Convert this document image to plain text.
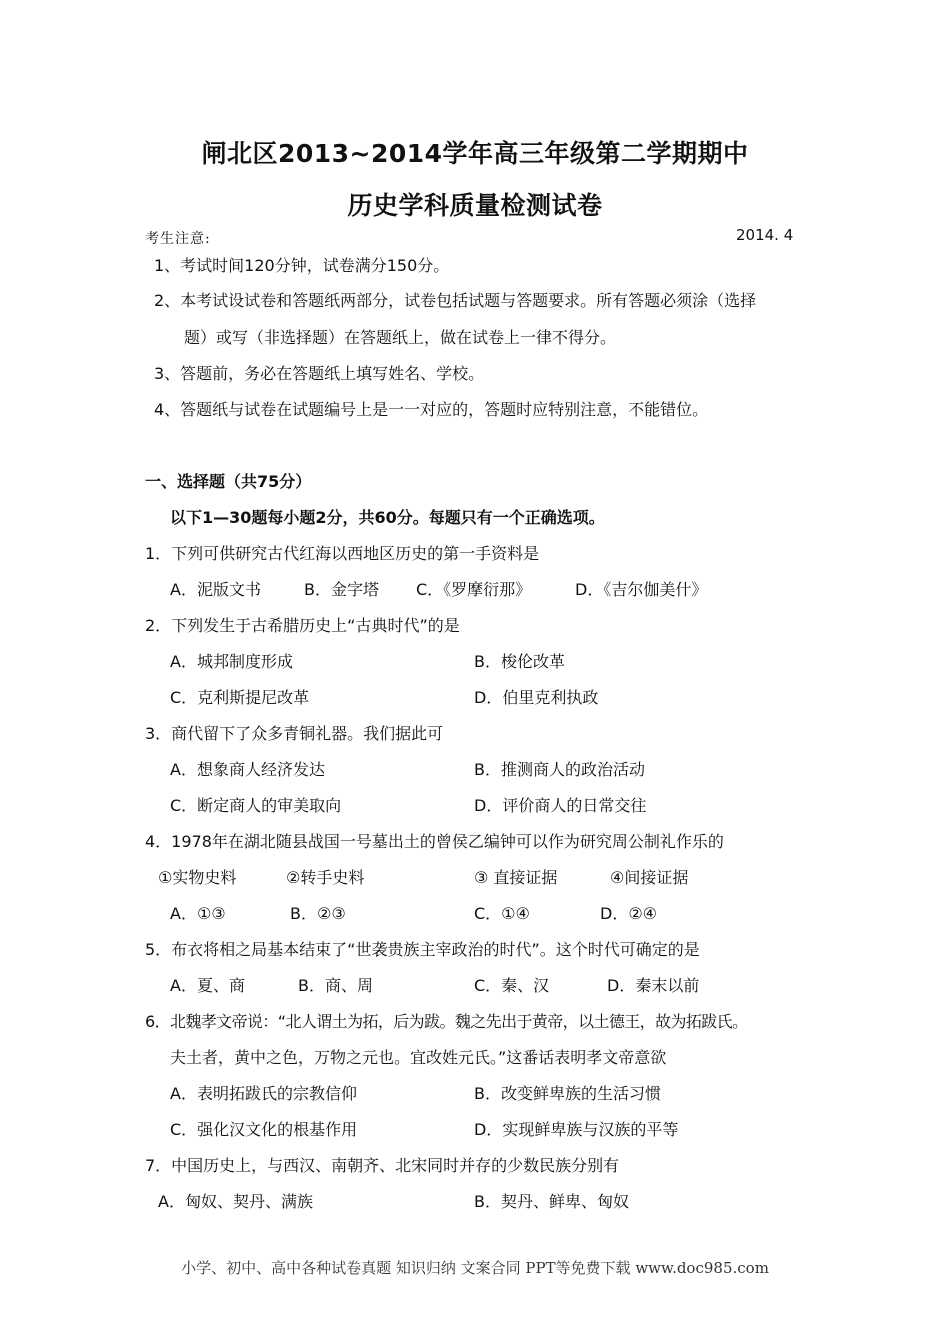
闸北区2013~2014学年高三年级第二学期期中
历史学科质量检测试卷
考生注意:	2014. 4
1、考试时间120分钟，试卷满分150分。
2、本考试设试卷和答题纸两部分，试卷包括试题与答题要求。所有答题必须涂（选择
题）或写（非选择题）在答题纸上，做在试卷上一律不得分。
3、答题前，务必在答题纸上填写姓名、学校。
4、答题纸与试卷在试题编号上是一一对应的，答题时应特别注意，不能错位。
一、选择题（共75分）
以下1—30题每小题2分，共60分。每题只有一个正确选项。
1．下列可供研究古代红海以西地区历史的第一手资料是
A．泥版文书	B．金字塔 C．《罗摩衍那》	D．《吉尔伽美什》
2．下列发生于古希腊历史上“古典时代”的是
A．城邦制度形成	B．梭伦改革
C．克利斯提尼改革	D．伯里克利执政
3．商代留下了众多青铜礼器。我们据此可
A．想象商人经济发达	B．推测商人的政治活动
C．断定商人的审美取向	D．评价商人的日常交往
4．1978年在湖北随县战国一号墓出土的曾侯乙编钟可以作为研究周公制礼作乐的
①实物史料	②转手史料	③ 直接证据	④间接证据
A．①③	B．②③	C．①④	D．②④
5．布衣将相之局基本结束了“世袭贵族主宰政治的时代”。这个时代可确定的是
A．夏、商	B．商、周	C．秦、汉	D．秦末以前
6．北魏孝文帝说：“北人谓土为拓，后为跋。魏之先出于黄帝，以土德王，故为拓跋氏。
夫土者，黄中之色，万物之元也。宜改姓元氏。”这番话表明孝文帝意欲
A．表明拓跋氏的宗教信仰	B．改变鲜卑族的生活习惯
C．强化汉文化的根基作用	D．实现鲜卑族与汉族的平等
7．中国历史上，与西汉、南朝齐、北宋同时并存的少数民族分别有
A．匈奴、契丹、满族	B．契丹、鲜卑、匈奴
小学、初中、高中各种试卷真题 知识归纳 文案合同 PPT等免费下载 www.doc985.com
